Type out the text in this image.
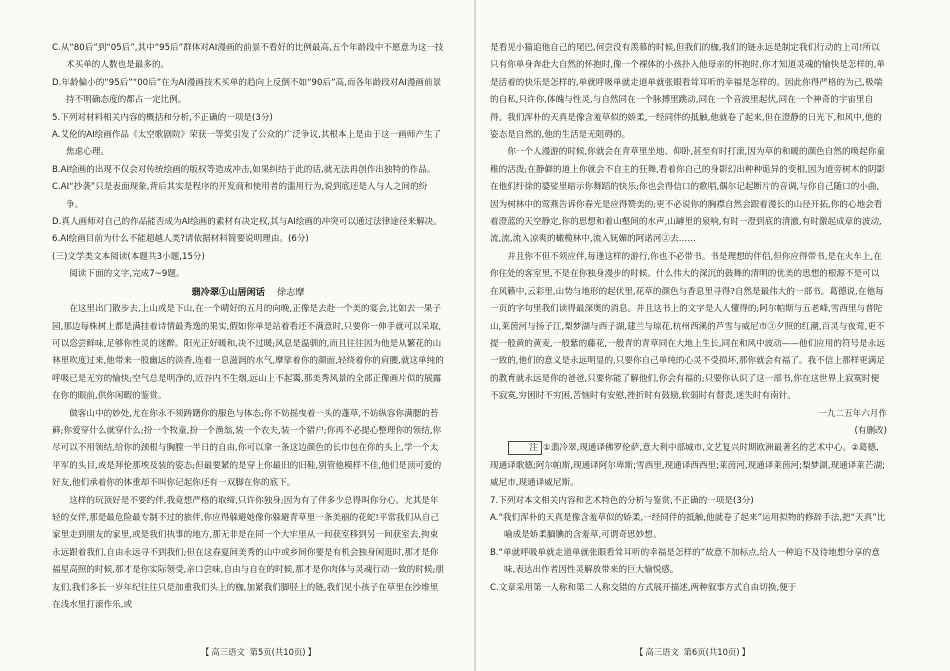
C.从“80后”到“05后”,其中“95后”群体对AI漫画的前景不看好的比例最高,五个年龄段中不愿意为这一技术买单的人数也是最多的。

D.年龄偏小的“95后”“00后”在为AI漫画技术买单的趋向上反倒不如“90后”高,而各年龄段对AI漫画前景持不明确态度的都占一定比例。

5.下列对材料相关内容的概括和分析,不正确的一项是(3分)

A.艾伦的AI绘画作品《太空歌剧院》荣获一等奖引发了公众的广泛争议,其根本上是由于这一画师产生了焦虑心理。

B.AI绘画的出现不仅会对传统绘画的版权等造成冲击,如果纠结于此的话,就无法再创作出独特的作品。

C.AI“抄袭”只是表面现象,背后其实是程序的开发商和使用者的滥用行为,说到底还是人与人之间的纷争。

D.真人画师对自己的作品能否成为AI绘画的素材有决定权,其与AI绘画的冲突可以通过法律途径来解决。

6.AI绘画目前为什么不能超越人类?请依据材料简要说明理由。(6分)

(三)文学类文本阅读(本题共3小题,15分)

阅读下面的文字,完成7~9题。

翡冷翠①山居闲话 徐志摩

在这里出门散步去,上山或是下山,在一个晴好的五月的向晚,正像是去赴一个美的宴会,比如去一果子园,那边每株树上都是满挂着诗情最秀逸的果实,假如你单是站着看还不满意时,只要你一伸手就可以采取,可以恣尝鲜味,足够你性灵的迷醉。阳光正好暖和,决不过暖;风息是温驯的,而且往往因为他是从繁花的山林里吹度过来,他带来一股幽远的淡香,连着一息滋润的水气,摩挲着你的颜面,轻绕着你的肩腰,就这单纯的呼吸已是无穷的愉快;空气总是明净的,近谷内不生烟,远山上不起霭,那美秀风景的全部正像画片似的展露在你的眼前,供你闲暇的鉴赏。

做客山中的妙处,尤在你永不须踌躇你的服色与体态;你不妨摇曳着一头的蓬草,不妨纵容你满腮的苔藓;你爱穿什么就穿什么;扮一个牧童,扮一个渔翁,装一个农夫,装一个猎户;你再不必提心整理你的领结,你尽可以不用领结,给你的颈根与胸膛一半日的自由,你可以拿一条这边颜色的长巾包在你的头上,学一个太平军的头目,或是拜伦那埃及装的姿态;但最要紧的是穿上你最旧的旧鞋,别管他模样不佳,他们是顶可爱的好友,他们承着你的体重却不叫你记起你还有一双脚在你的底下。

这样的玩顶好是不要约伴,我竟想严格的取缔,只许你独身;因为有了伴多少总得叫你分心。尤其是年轻的女伴,那是最危险最专制不过的旅伴,你应得躲避她像你躲避青草里一条美丽的花蛇!平常我们从自己家里走到朋友的家里,或是我们执事的地方,那无非是在同一个大牢里从一间获室移到另一间获室去,拘束永远跟着我们,自由永远寻不到我们;但在这春夏间美秀的山中或乡间你要是有机会独身闲逛时,那才是你福星高照的时候,那才是你实际领受,亲口尝味,自由与自在的时候,那才是你肉体与灵魂行动一致的时候;朋友们,我们多长一岁年纪往往只是加重我们头上的枷,加紧我们脚胫上的链,我们见小孩子在草里在沙堆里在浅水里打滚作乐,或

是看见小猫追他自己的尾巴,何尝没有羡慕的时候,但我们的枷,我们的链永远是制定我们行动的上司!所以只有你单身奔赴大自然的怀抱时,像一个裸体的小孩扑入他母亲的怀抱时,你才知道灵魂的愉快是怎样的,单是活着的快乐是怎样的,单就呼吸单就走道单就张眼看耸耳听的幸福是怎样的。因此你得严格的为己,极端的自私,只许你,体魄与性灵,与自然同在一个脉搏里跳动,同在一个音波里起伏,同在一个神奇的宇宙里自得。我们浑朴的天真是像含羞草似的娇柔,一经同伴的抵触,他就卷了起来,但在澄静的日光下,和风中,他的姿态是自然的,他的生活是无阻碍的。

你一个人漫游的时候,你就会在青草里坐地、仰卧,甚至有时打滚,因为草的和暖的颜色自然的唤起你童稚的活泼;在静僻的道上你就会不自主的狂舞,看着你自己的身影幻出种种诡异的变相,因为道旁树木的阴影在他们纡徐的婆娑里暗示你舞蹈的快乐;你也会得信口的歌唱,偶尔记起断片的音调,与你自己随口的小曲,因为树林中的莺燕告诉你春光是应得赞美的;更不必说你的胸襟自然会跟着漫长的山径开拓,你的心地会看着澄蓝的天空静定,你的思想和着山壑间的水声,山罅里的泉响,有时一澄到底的清澈,有时激起成章的波动,流,流,流入凉爽的橄榄林中,流入妩媚的阿诺河②去……

并且你不但不须应伴,每逢这样的游行,你也不必带书。书是理想的伴侣,但你应得带书,是在火车上,在你住处的客室里,不是在你独身漫步的时候。什么伟大的深沉的鼓舞的清明的优美的思想的根源不是可以在风籁中,云彩里,山势与地形的起伏里,花草的颜色与香息里寻得?自然是最伟大的一部书。葛德说,在他每一页的字句里我们读得最深奥的消息。并且这书上的文字是人人懂得的;阿尔帕斯与五老峰,雪西里与普陀山,莱茵河与扬子江,梨梦湖与西子湖,建兰与琼花,杭州西溪的芦雪与威尼市③夕照的红潮,百灵与夜莺,更不提一般黄的黄麦,一般紫的藤花,一般青的青草同在大地上生长,同在和风中波动——他们应用的符号是永远一致的,他们的意义是永远明显的,只要你自己单纯的心灵不受损坏,那你就会有福了。我不信上那样更满足的教育就永远是你的爸爸,只要你能了解他们,你会有福的;只要你认识了这一部书,你在这世界上寂寞时便不寂寞,穷困时不穷困,苦恼时有安慰,挫折时有鼓励,软弱时有督责,迷失时有南针。

一九二五年六月作

(有删改)

注 ①翡冷翠,现通译佛罗伦萨,意大利中部城市,文艺复兴时期欧洲最著名的艺术中心。②葛德,现通译歌德;阿尔帕斯,现通译阿尔卑斯;雪西里,现通译西西里;莱茵河,现通译莱茵河;梨梦湖,现通译莱芒湖;威尼市,现通译威尼斯。

7.下列对本文相关内容和艺术特色的分析与鉴赏,不正确的一项是(3分)

A.“我们浑朴的天真是像含羞草似的娇柔,一经同伴的抵触,他就卷了起来”运用拟物的修辞手法,把“天真”比喻成是娇柔腼腆的含羞草,可谓奇思妙想。

B.“单就呼吸单就走道单就张眼看耸耳听的幸福是怎样的”故意不加标点,给人一种迫不及待地想分享的意味,表达出作者因性灵解放带来的巨大愉悦感。

C.文章采用第一人称和第二人称交错的方式展开描述,两种叙事方式自由切换,便于

【 高三语文 第5页(共10页) 】	【 高三语文 第6页(共10页) 】
